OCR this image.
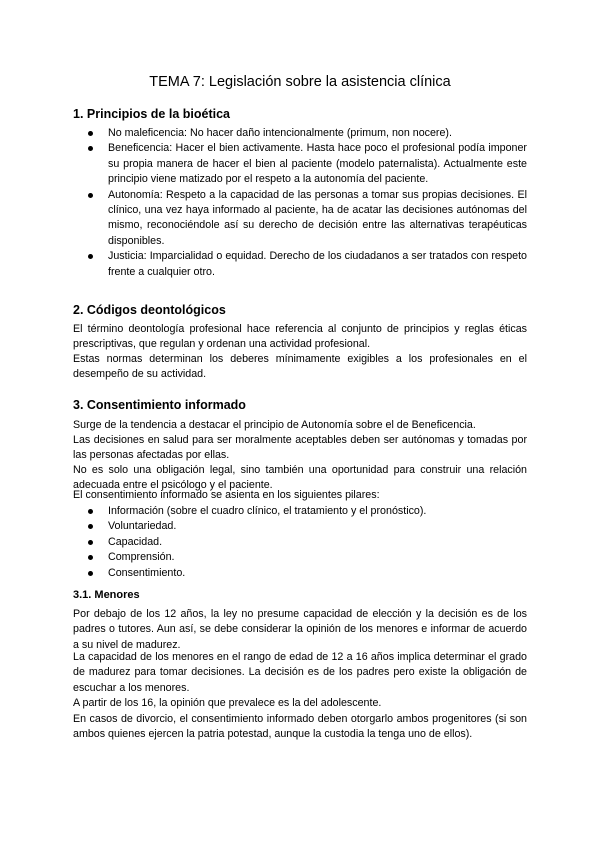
TEMA 7: Legislación sobre la asistencia clínica
1. Principios de la bioética
No maleficencia: No hacer daño intencionalmente (primum, non nocere).
Beneficencia: Hacer el bien activamente. Hasta hace poco el profesional podía imponer su propia manera de hacer el bien al paciente (modelo paternalista). Actualmente este principio viene matizado por el respeto a la autonomía del paciente.
Autonomía: Respeto a la capacidad de las personas a tomar sus propias decisiones. El clínico, una vez haya informado al paciente, ha de acatar las decisiones autónomas del mismo, reconociéndole así su derecho de decisión entre las alternativas terapéuticas disponibles.
Justicia: Imparcialidad o equidad. Derecho de los ciudadanos a ser tratados con respeto frente a cualquier otro.
2. Códigos deontológicos

El término deontología profesional hace referencia al conjunto de principios y reglas éticas prescriptivas, que regulan y ordenan una actividad profesional.

Estas normas determinan los deberes mínimamente exigibles a los profesionales en el desempeño de su actividad.

3. Consentimiento informado

Surge de la tendencia a destacar el principio de Autonomía sobre el de Beneficencia.

Las decisiones en salud para ser moralmente aceptables deben ser autónomas y tomadas por las personas afectadas por ellas.

No es solo una obligación legal, sino también una oportunidad para construir una relación adecuada entre el psicólogo y el paciente.

El consentimiento informado se asienta en los siguientes pilares:

Información (sobre el cuadro clínico, el tratamiento y el pronóstico).
Voluntariedad.
Capacidad.
Comprensión.
Consentimiento.
3.1. Menores

Por debajo de los 12 años, la ley no presume capacidad de elección y la decisión es de los padres o tutores. Aun así, se debe considerar la opinión de los menores e informar de acuerdo a su nivel de madurez.

La capacidad de los menores en el rango de edad de 12 a 16 años implica determinar el grado de madurez para tomar decisiones. La decisión es de los padres pero existe la obligación de escuchar a los menores.

A partir de los 16, la opinión que prevalece es la del adolescente.

En casos de divorcio, el consentimiento informado deben otorgarlo ambos progenitores (si son ambos quienes ejercen la patria potestad, aunque la custodia la tenga uno de ellos).
